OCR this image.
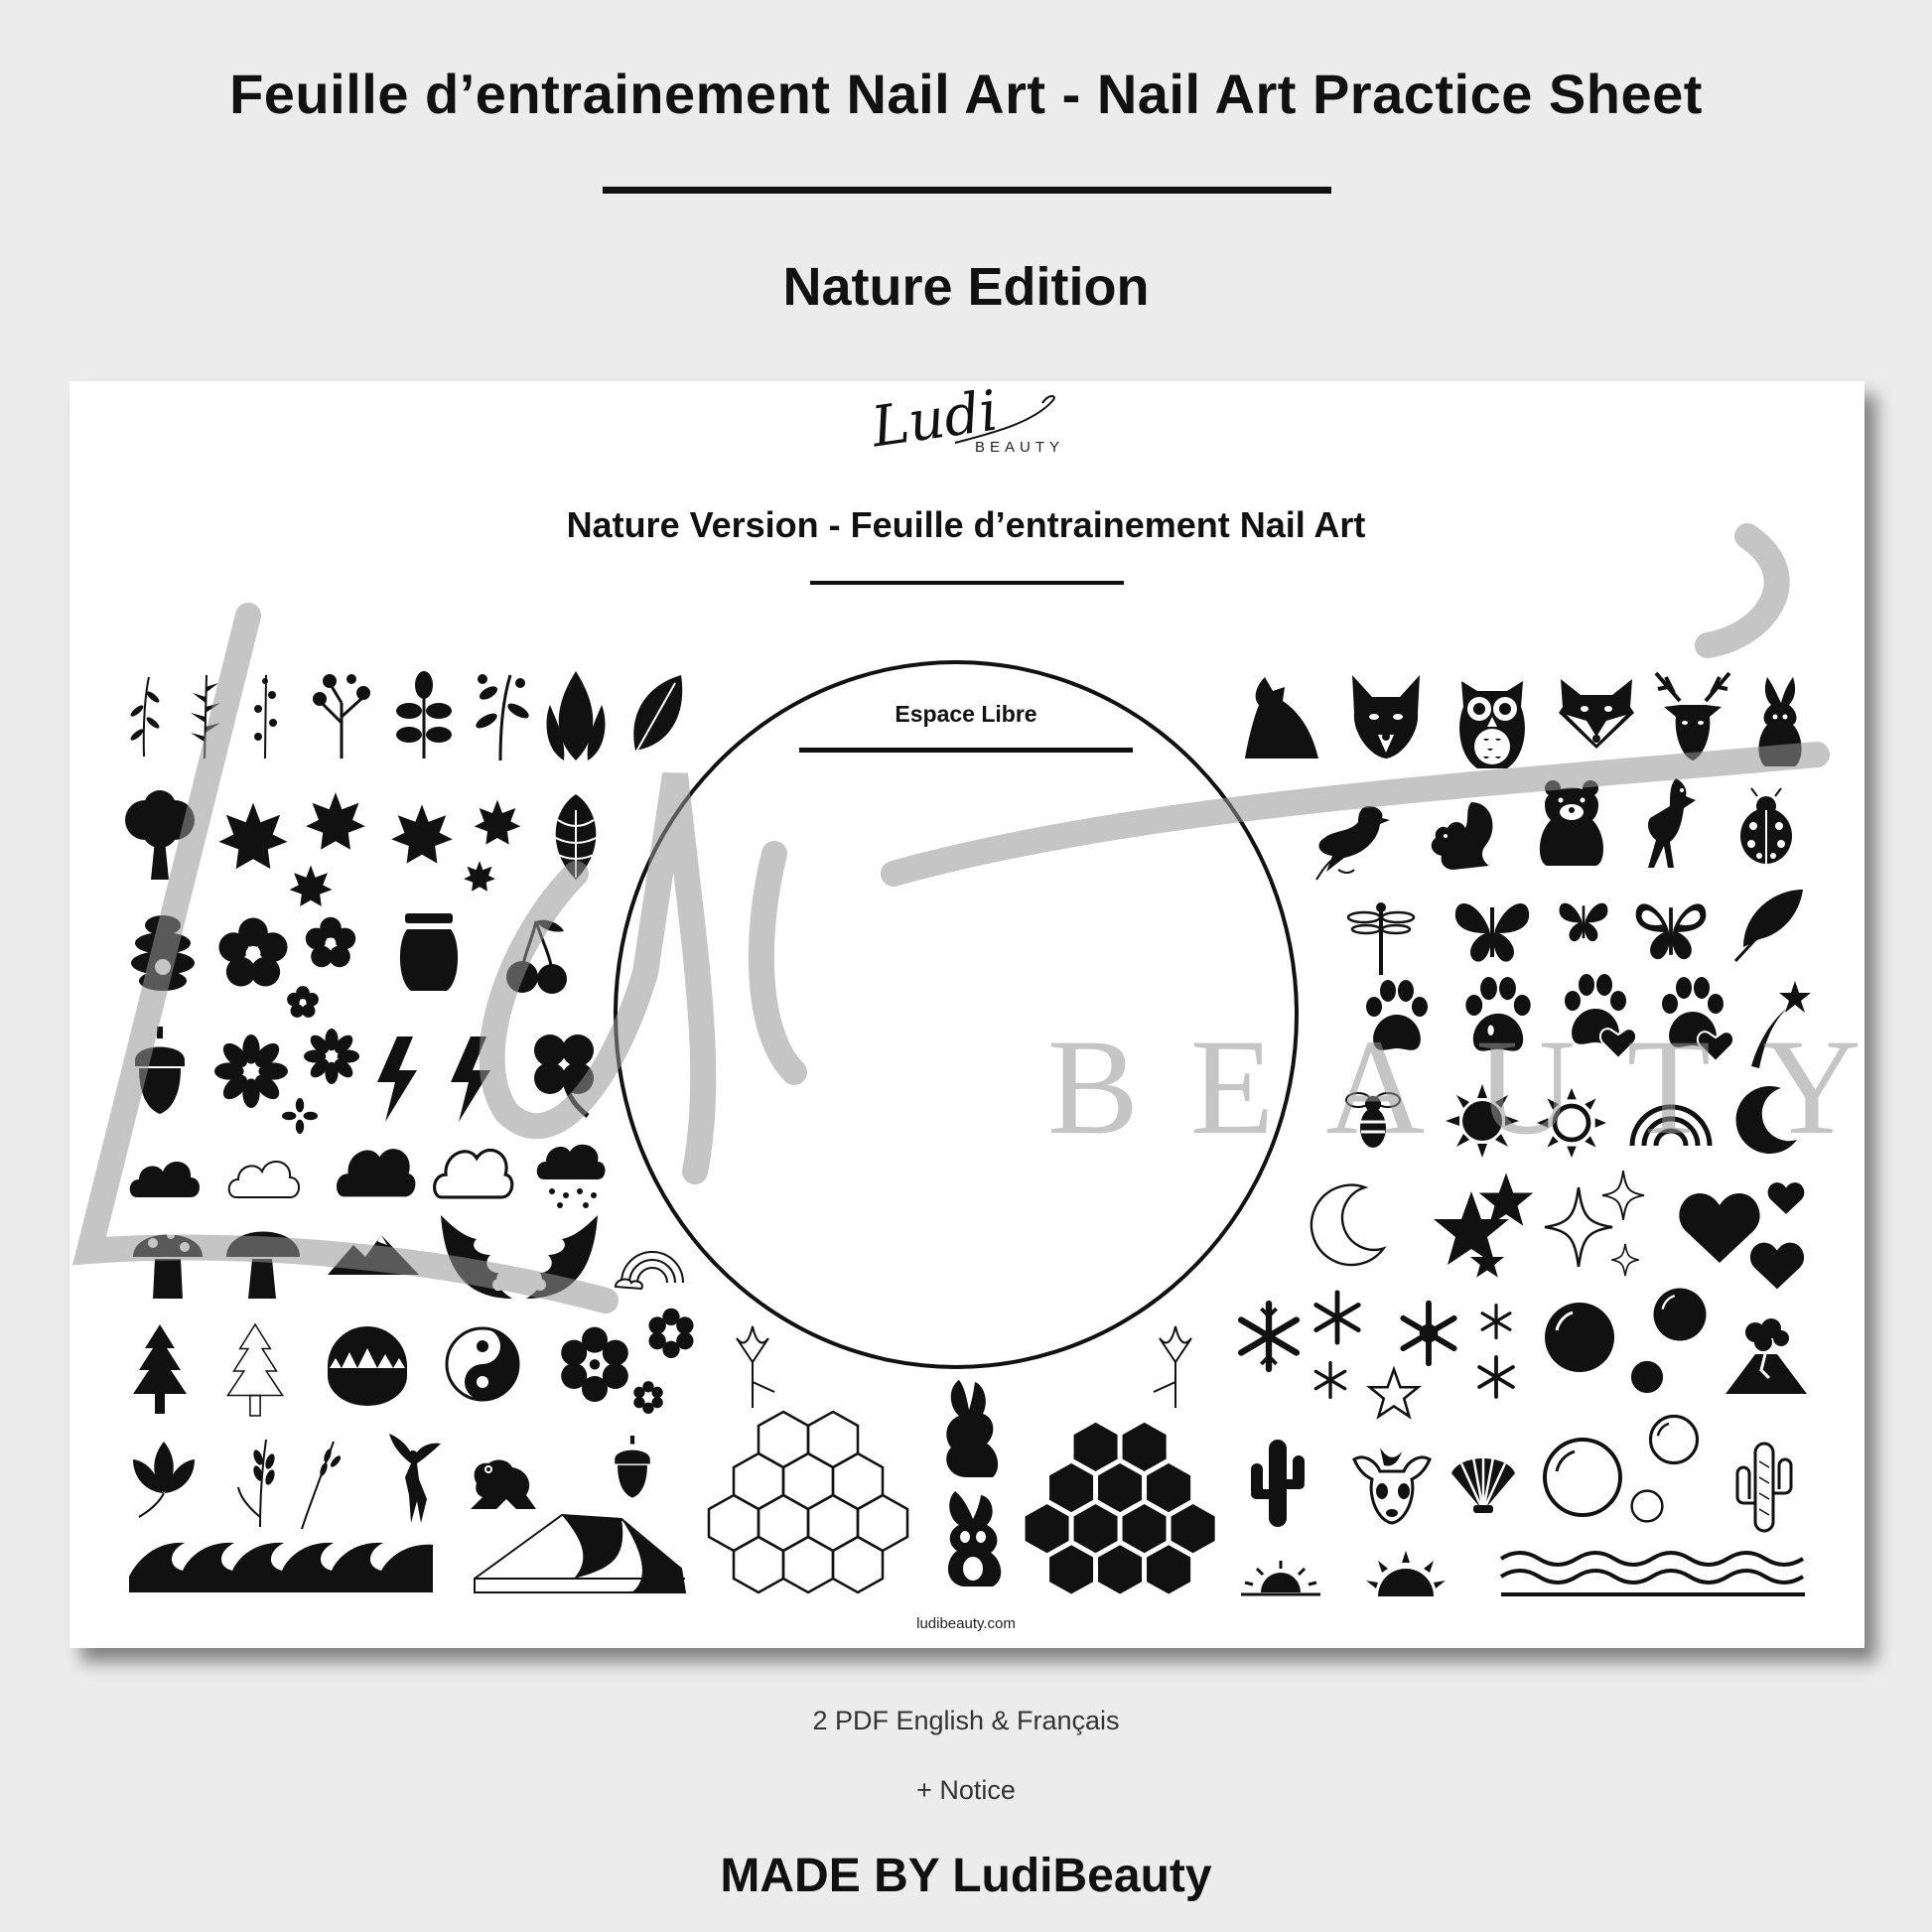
Feuille d’entrainement Nail Art - Nail Art Practice Sheet
Nature Edition
Ludi
BEAUTY
Nature Version - Feuille d’entrainement Nail Art
Espace Libre
BEAUTY
ludibeauty.com
2 PDF English & Français
+ Notice
MADE BY LudiBeauty
